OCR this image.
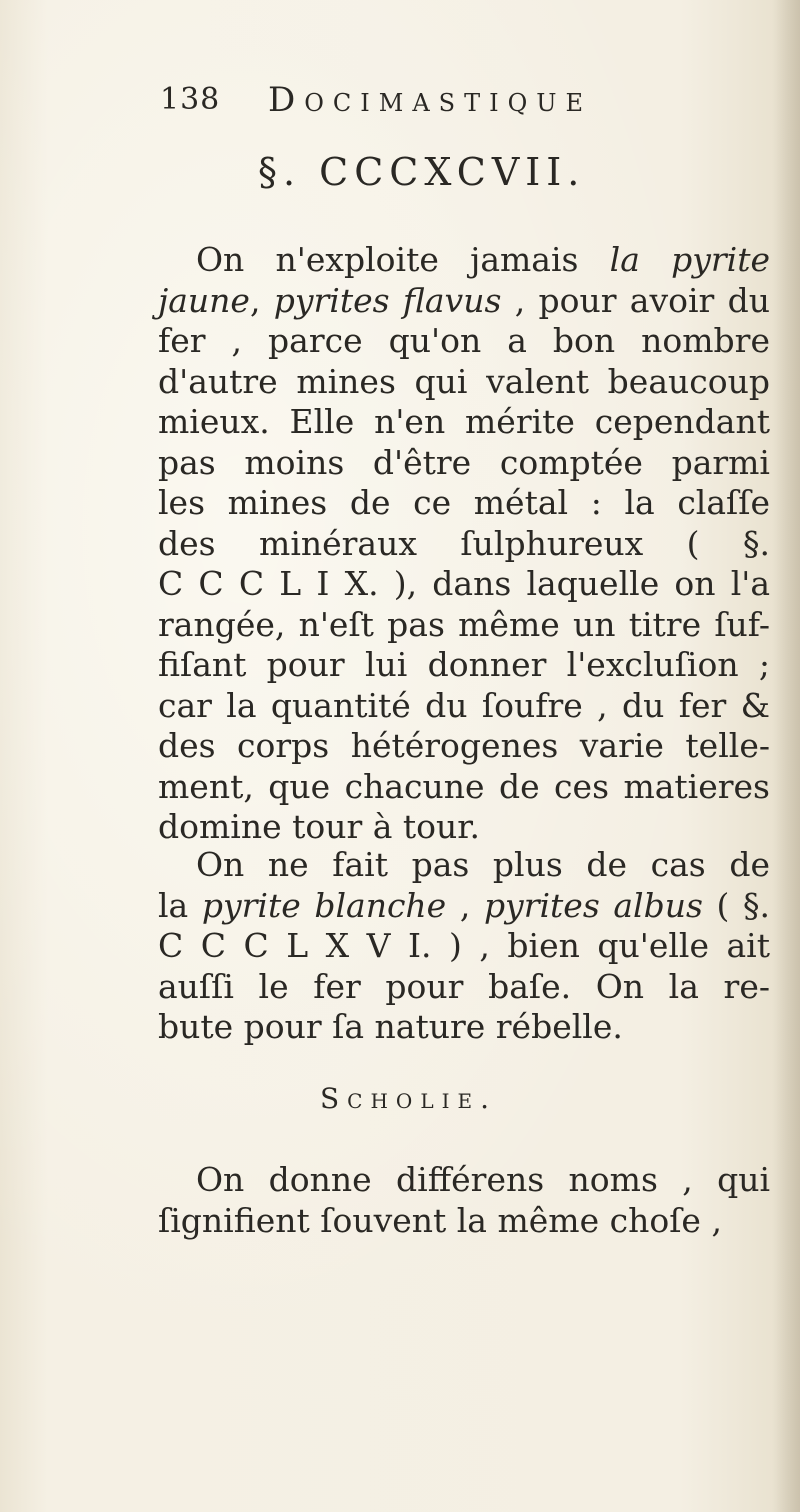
138 Docimastique
§. CCCXCVII.
On n'exploite jamais la pyrite
jaune, pyrites flavus , pour avoir du
fer , parce qu'on a bon nombre
d'autre mines qui valent beaucoup
mieux. Elle n'en mérite cependant
pas moins d'être comptée parmi
les mines de ce métal : la claſſe
des minéraux ſulphureux ( §.
C C C L I X. ), dans laquelle on l'a
rangée, n'eſt pas même un titre ſuf-
fiſant pour lui donner l'excluſion ;
car la quantité du ſoufre , du fer &
des corps hétérogenes varie telle-
ment, que chacune de ces matieres
domine tour à tour.
On ne fait pas plus de cas de
la pyrite blanche , pyrites albus ( §.
C C C L X V I. ) , bien qu'elle ait
auſſi le fer pour baſe. On la re-
bute pour ſa nature rébelle.
On donne différens noms , qui
ſignifient ſouvent la même choſe ,
Scholie.
